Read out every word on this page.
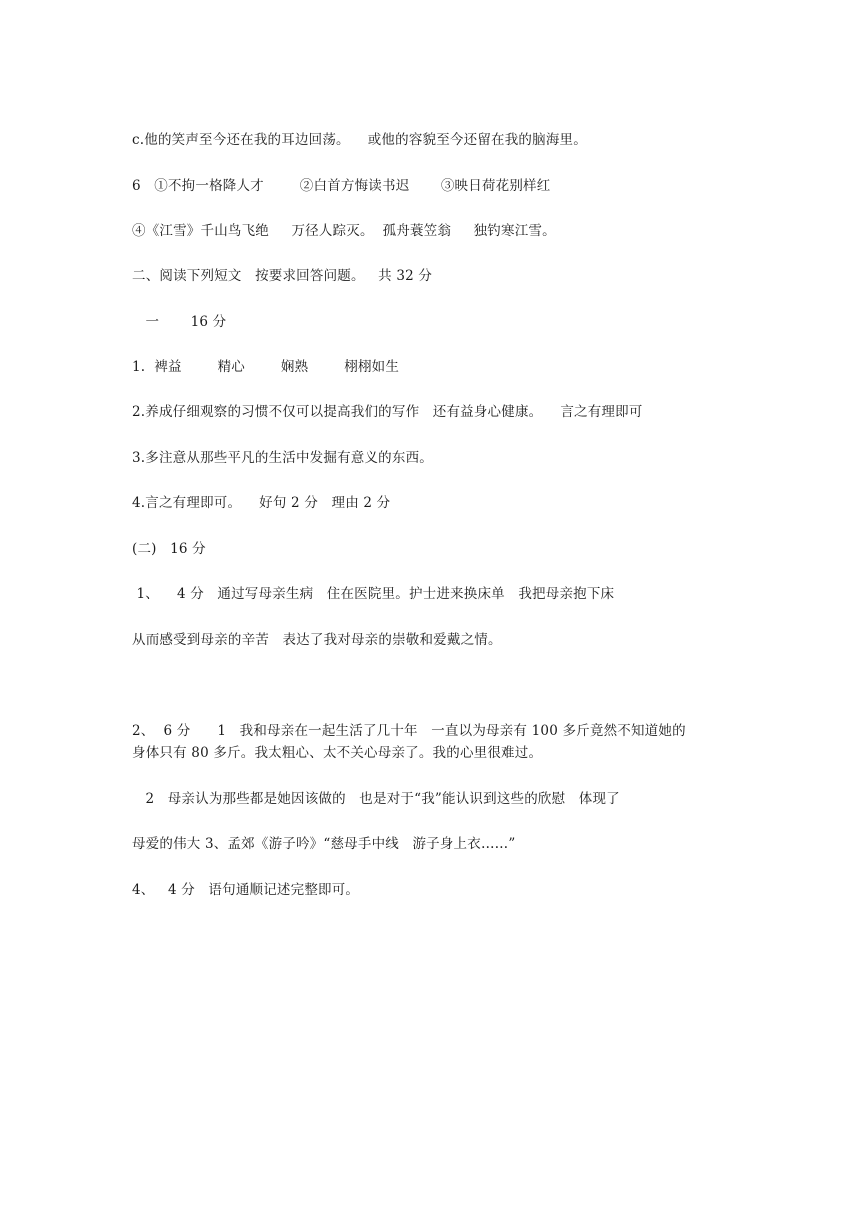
c.他的笑声至今还在我的耳边回荡。    或他的容貌至今还留在我的脑海里。
6   ①不拘一格降人才        ②白首方悔读书迟       ③映日荷花别样红
④《江雪》千山鸟飞绝     万径人踪灭。  孤舟蓑笠翁     独钓寒江雪。
二、阅读下列短文   按要求回答问题。   共 32 分
一       16 分
1.  裨益        精心        娴熟        栩栩如生
2.养成仔细观察的习惯不仅可以提高我们的写作   还有益身心健康。    言之有理即可
3.多注意从那些平凡的生活中发掘有意义的东西。
4.言之有理即可。    好句 2 分   理由 2 分
(二)   16 分
1、    4 分   通过写母亲生病   住在医院里。护士进来换床单   我把母亲抱下床
从而感受到母亲的辛苦   表达了我对母亲的崇敬和爱戴之情。
2、  6 分      1   我和母亲在一起生活了几十年   一直以为母亲有 100 多斤竟然不知道她的
身体只有 80 多斤。我太粗心、太不关心母亲了。我的心里很难过。
2   母亲认为那些都是她因该做的   也是对于“我”能认识到这些的欣慰   体现了
母爱的伟大 3、孟郊《游子吟》“慈母手中线   游子身上衣……”
4、   4 分   语句通顺记述完整即可。
